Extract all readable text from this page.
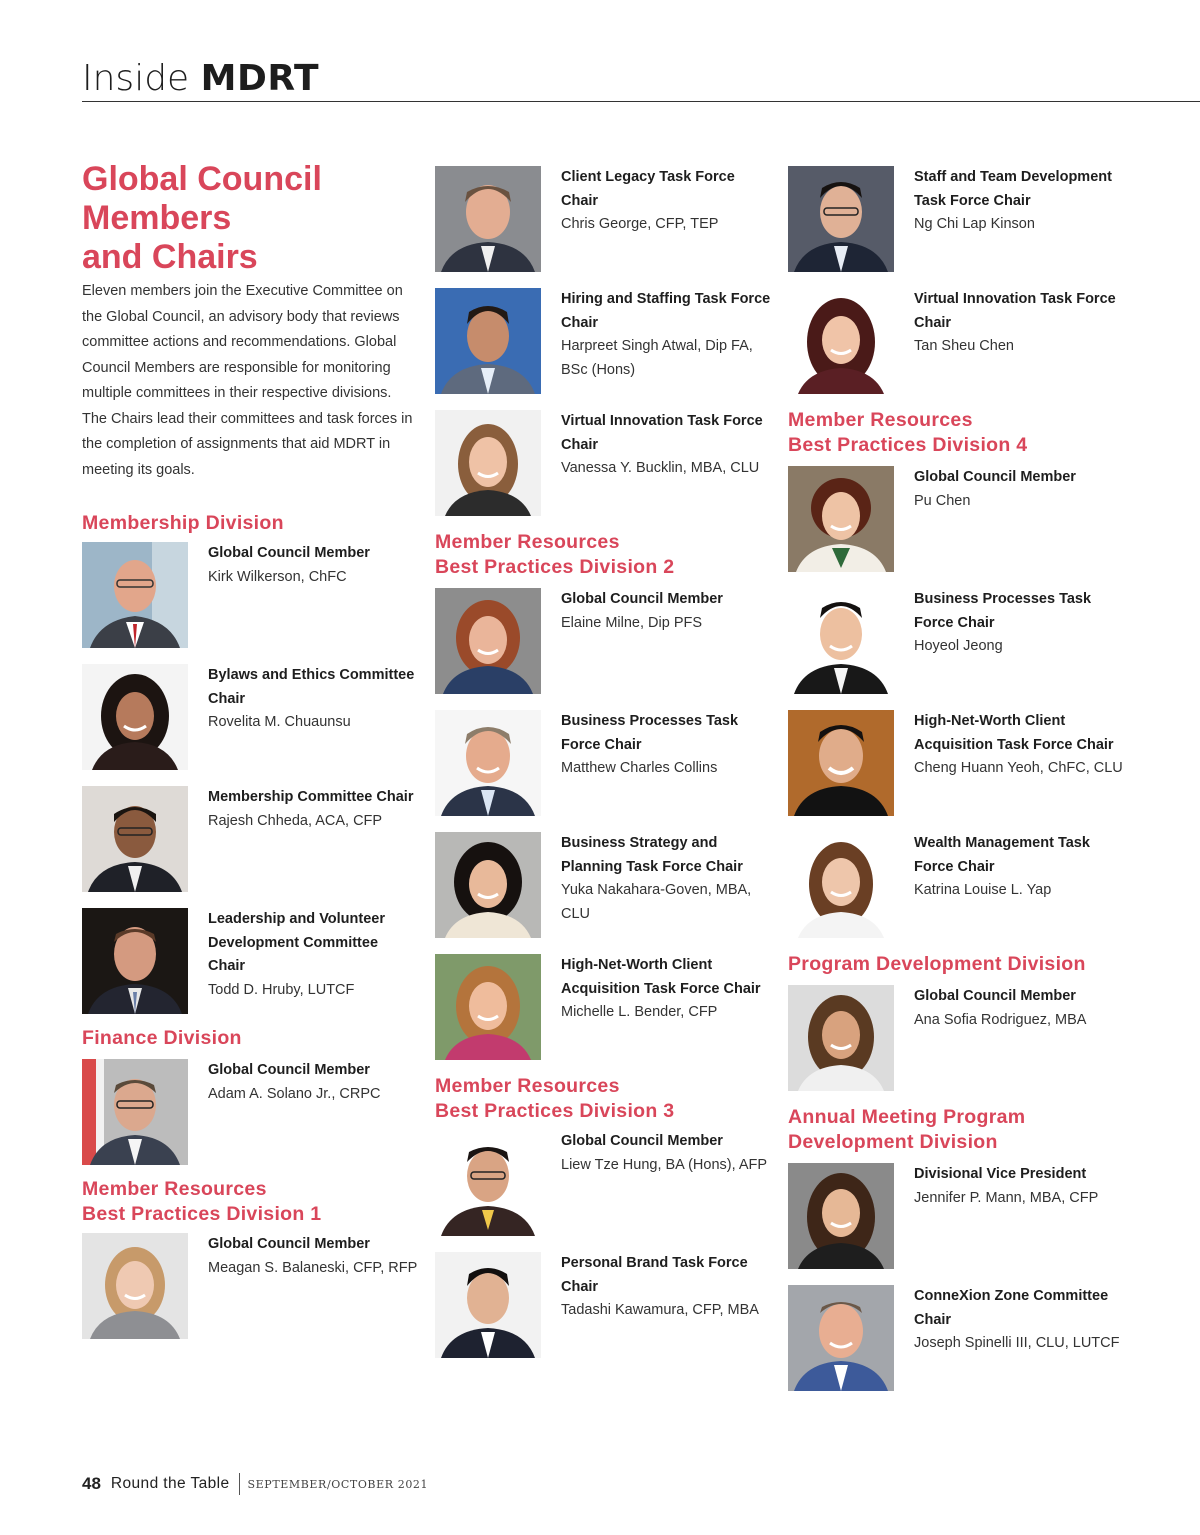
Inside MDRT
Global Council
Members
and Chairs

Eleven members join the Executive Committee on the Global Council, an advisory body that reviews committee actions and recommendations. Global Council Members are responsible for monitoring multiple committees in their respective divisions. The Chairs lead their committees and task forces in the completion of assignments that aid MDRT in meeting its goals.

Membership Division
Global Council Member
Kirk Wilkerson, ChFC
Bylaws and Ethics Committee Chair
Rovelita M. Chuaunsu
Membership Committee Chair
Rajesh Chheda, ACA, CFP
Leadership and Volunteer Development Committee Chair
Todd D. Hruby, LUTCF
Finance Division
Global Council Member
Adam A. Solano Jr., CRPC
Member Resources
Best Practices Division 1
Global Council Member
Meagan S. Balaneski, CFP, RFP
Client Legacy Task Force Chair
Chris George, CFP, TEP
Hiring and Staffing Task Force Chair
Harpreet Singh Atwal, Dip FA, BSc (Hons)
Virtual Innovation Task Force Chair
Vanessa Y. Bucklin, MBA, CLU
Member Resources
Best Practices Division 2
Global Council Member
Elaine Milne, Dip PFS
Business Processes Task Force Chair
Matthew Charles Collins
Business Strategy and Planning Task Force Chair
Yuka Nakahara-Goven, MBA, CLU
High-Net-Worth Client Acquisition Task Force Chair
Michelle L. Bender, CFP
Member Resources
Best Practices Division 3
Global Council Member
Liew Tze Hung, BA (Hons), AFP
Personal Brand Task Force Chair
Tadashi Kawamura, CFP, MBA
Staff and Team Development Task Force Chair
Ng Chi Lap Kinson
Virtual Innovation Task Force Chair
Tan Sheu Chen
Member Resources
Best Practices Division 4
Global Council Member
Pu Chen
Business Processes Task Force Chair
Hoyeol Jeong
High-Net-Worth Client Acquisition Task Force Chair
Cheng Huann Yeoh, ChFC, CLU
Wealth Management Task Force Chair
Katrina Louise L. Yap
Program Development Division
Global Council Member
Ana Sofia Rodriguez, MBA
Annual Meeting Program
Development Division
Divisional Vice President
Jennifer P. Mann, MBA, CFP
ConneXion Zone Committee Chair
Joseph Spinelli III, CLU, LUTCF
48 Round the Table SEPTEMBER/OCTOBER 2021
